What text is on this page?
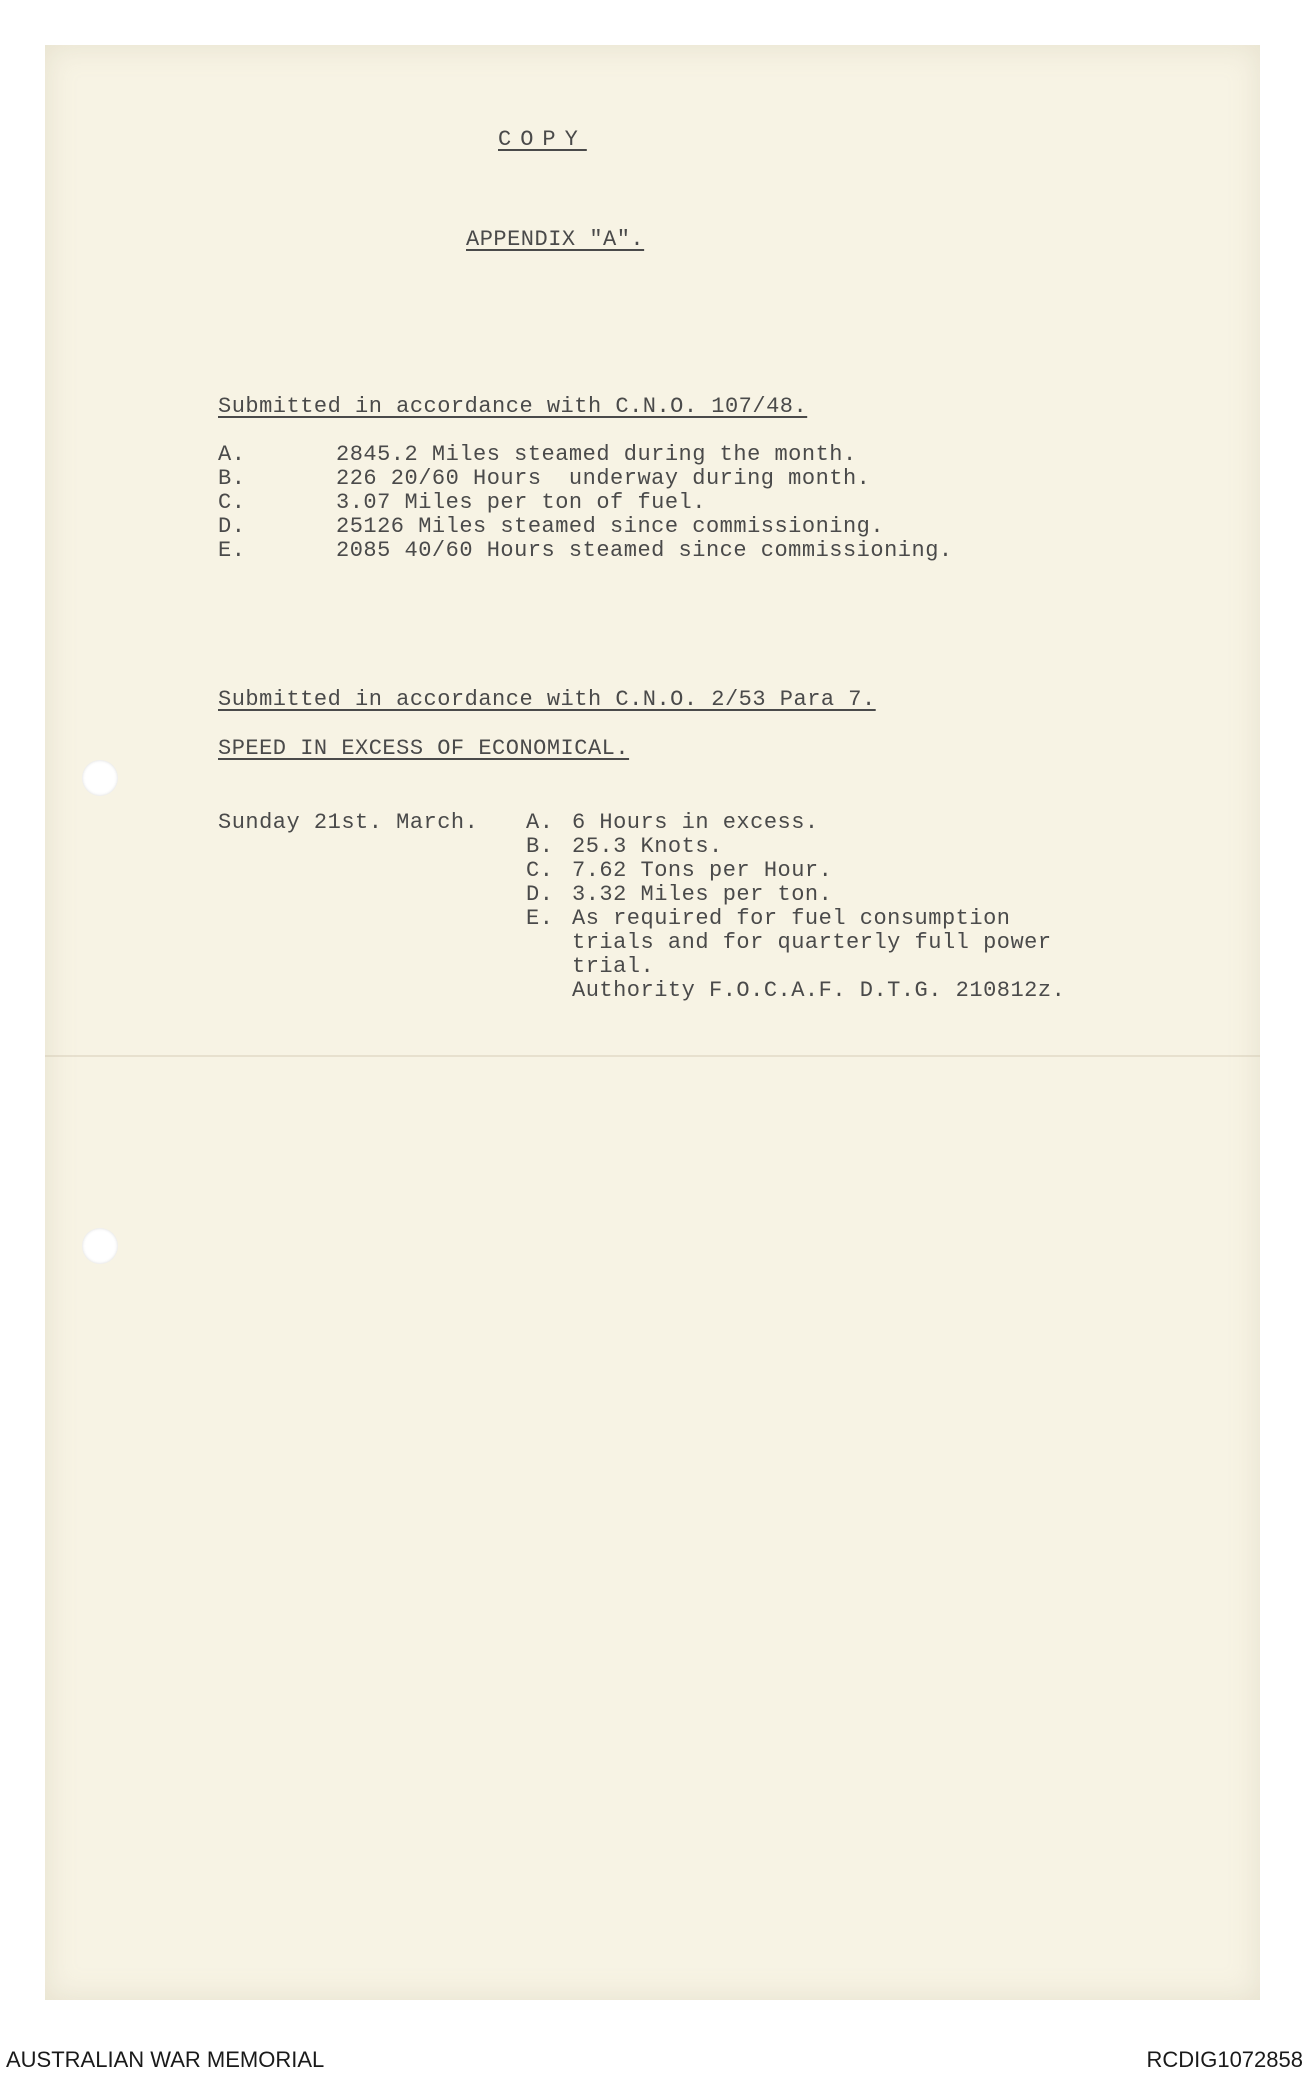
COPY
APPENDIX "A".
Submitted in accordance with C.N.O. 107/48.
A.	2845.2 Miles steamed during the month.
B.	226 20/60 Hours  underway during month.
C.	3.07 Miles per ton of fuel.
D.	25126 Miles steamed since commissioning.
E.	2085 40/60 Hours steamed since commissioning.
Submitted in accordance with C.N.O. 2/53 Para 7.
SPEED IN EXCESS OF ECONOMICAL.
Sunday 21st. March. A. 6 Hours in excess.
B. 25.3 Knots.
C. 7.62 Tons per Hour.
D. 3.32 Miles per ton.
E. As required for fuel consumption
trials and for quarterly full power
trial.
Authority F.O.C.A.F. D.T.G. 210812z.
AUSTRALIAN WAR MEMORIAL	RCDIG1072858
